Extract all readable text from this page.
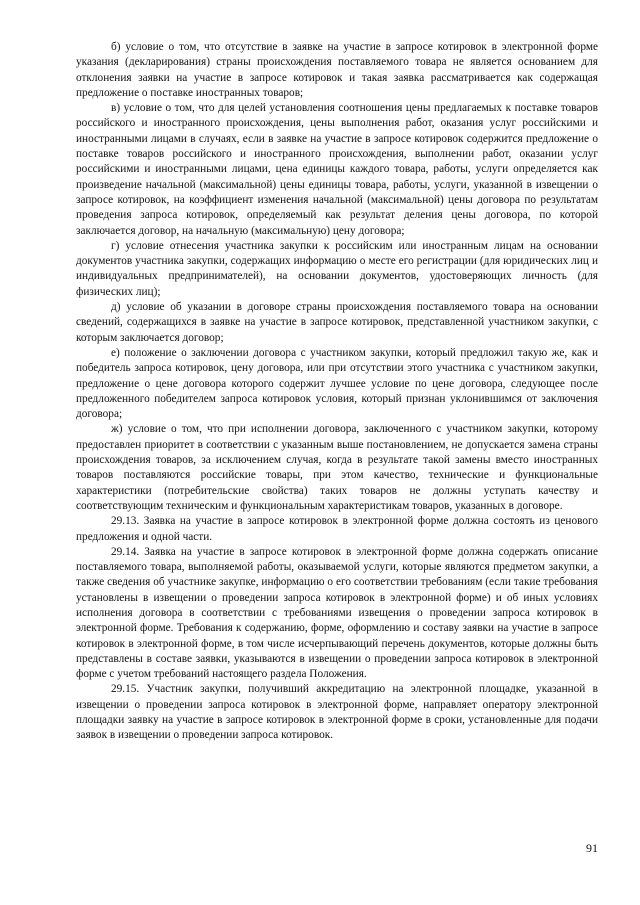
б) условие о том, что отсутствие в заявке на участие в запросе котировок в электронной форме указания (декларирования) страны происхождения поставляемого товара не является основанием для отклонения заявки на участие в запросе котировок и такая заявка рассматривается как содержащая предложение о поставке иностранных товаров;

в) условие о том, что для целей установления соотношения цены предлагаемых к поставке товаров российского и иностранного происхождения, цены выполнения работ, оказания услуг российскими и иностранными лицами в случаях, если в заявке на участие в запросе котировок содержится предложение о поставке товаров российского и иностранного происхождения, выполнении работ, оказании услуг российскими и иностранными лицами, цена единицы каждого товара, работы, услуги определяется как произведение начальной (максимальной) цены единицы товара, работы, услуги, указанной в извещении о запросе котировок, на коэффициент изменения начальной (максимальной) цены договора по результатам проведения запроса котировок, определяемый как результат деления цены договора, по которой заключается договор, на начальную (максимальную) цену договора;

г) условие отнесения участника закупки к российским или иностранным лицам на основании документов участника закупки, содержащих информацию о месте его регистрации (для юридических лиц и индивидуальных предпринимателей), на основании документов, удостоверяющих личность (для физических лиц);

д) условие об указании в договоре страны происхождения поставляемого товара на основании сведений, содержащихся в заявке на участие в запросе котировок, представленной участником закупки, с которым заключается договор;

е) положение о заключении договора с участником закупки, который предложил такую же, как и победитель запроса котировок, цену договора, или при отсутствии этого участника с участником закупки, предложение о цене договора которого содержит лучшее условие по цене договора, следующее после предложенного победителем запроса котировок условия, который признан уклонившимся от заключения договора;

ж) условие о том, что при исполнении договора, заключенного с участником закупки, которому предоставлен приоритет в соответствии с указанным выше постановлением, не допускается замена страны происхождения товаров, за исключением случая, когда в результате такой замены вместо иностранных товаров поставляются российские товары, при этом качество, технические и функциональные характеристики (потребительские свойства) таких товаров не должны уступать качеству и соответствующим техническим и функциональным характеристикам товаров, указанных в договоре.

29.13. Заявка на участие в запросе котировок в электронной форме должна состоять из ценового предложения и одной части.

29.14. Заявка на участие в запросе котировок в электронной форме должна содержать описание поставляемого товара, выполняемой работы, оказываемой услуги, которые являются предметом закупки, а также сведения об участнике закупке, информацию о его соответствии требованиям (если такие требования установлены в извещении о проведении запроса котировок в электронной форме) и об иных условиях исполнения договора в соответствии с требованиями извещения о проведении запроса котировок в электронной форме. Требования к содержанию, форме, оформлению и составу заявки на участие в запросе котировок в электронной форме, в том числе исчерпывающий перечень документов, которые должны быть представлены в составе заявки, указываются в извещении о проведении запроса котировок в электронной форме с учетом требований настоящего раздела Положения.

29.15. Участник закупки, получивший аккредитацию на электронной площадке, указанной в извещении о проведении запроса котировок в электронной форме, направляет оператору электронной площадки заявку на участие в запросе котировок в электронной форме в сроки, установленные для подачи заявок в извещении о проведении запроса котировок.

91
